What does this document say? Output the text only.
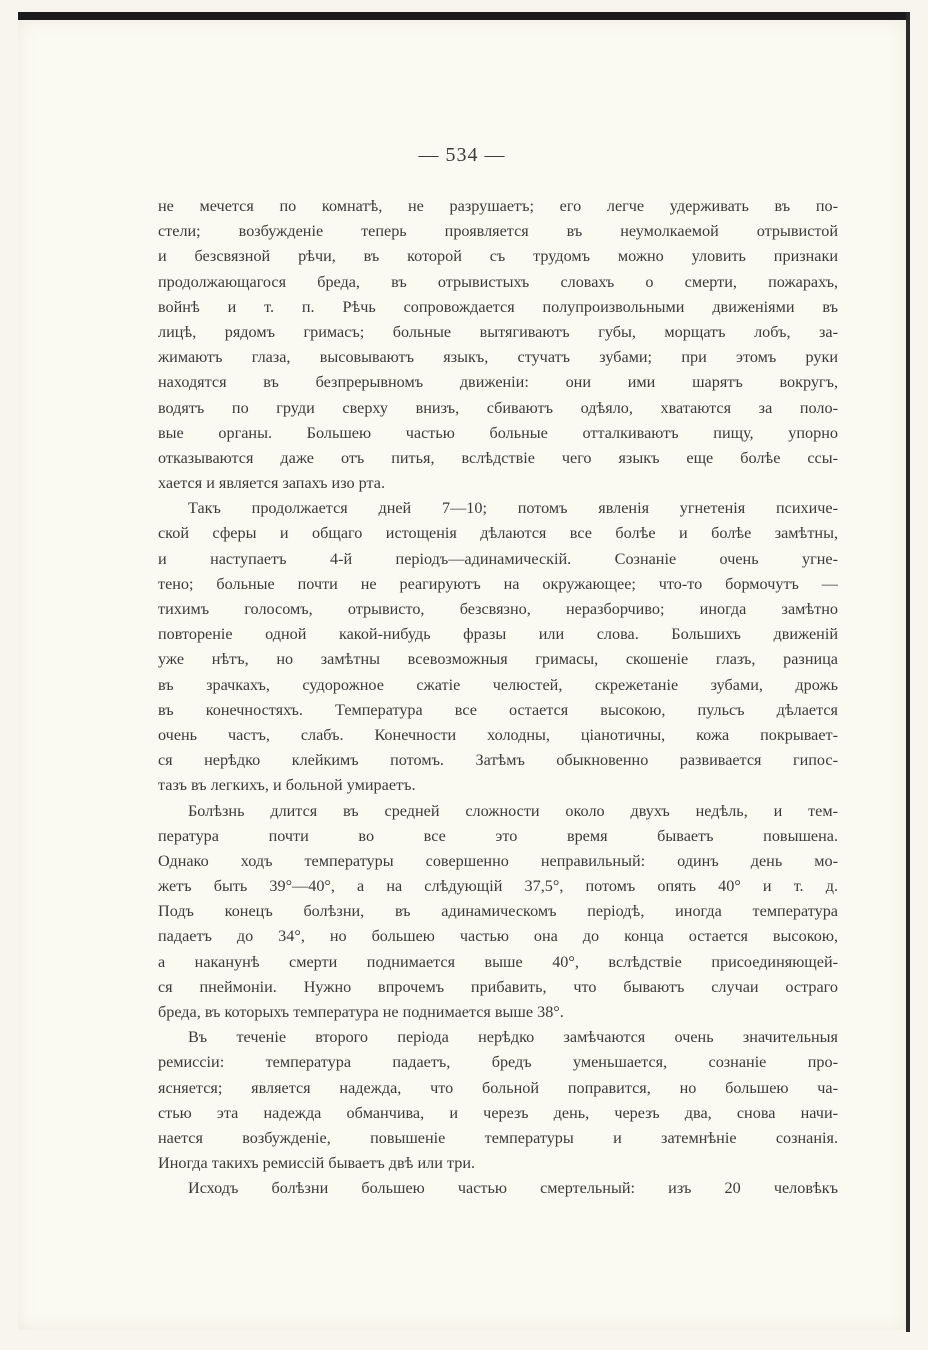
— 534 —
не мечется по комнатѣ, не разрушаетъ; его легче удерживать въ по-
стели; возбужденіе теперь проявляется въ неумолкаемой отрывистой
и безсвязной рѣчи, въ которой съ трудомъ можно уловить признаки
продолжающагося бреда, въ отрывистыхъ словахъ о смерти, пожарахъ,
войнѣ и т. п. Рѣчь сопровождается полупроизвольными движеніями въ
лицѣ, рядомъ гримасъ; больные вытягиваютъ губы, морщатъ лобъ, за-
жимаютъ глаза, высовываютъ языкъ, стучатъ зубами; при этомъ руки
находятся въ безпрерывномъ движеніи: они ими шарятъ вокругъ,
водятъ по груди сверху внизъ, сбиваютъ одѣяло, хватаются за поло-
вые органы. Большею частью больные отталкиваютъ пищу, упорно
отказываются даже отъ питья, вслѣдствіе чего языкъ еще болѣе ссы-
хается и является запахъ изо рта.
Такъ продолжается дней 7—10; потомъ явленія угнетенія психиче-
ской сферы и общаго истощенія дѣлаются все болѣе и болѣе замѣтны,
и наступаетъ 4-й періодъ—адинамическій. Сознаніе очень угне-
тено; больные почти не реагируютъ на окружающее; что-то бормочутъ —
тихимъ голосомъ, отрывисто, безсвязно, неразборчиво; иногда замѣтно
повтореніе одной какой-нибудь фразы или слова. Большихъ движеній
уже нѣтъ, но замѣтны всевозможныя гримасы, скошеніе глазъ, разница
въ зрачкахъ, судорожное сжатіе челюстей, скрежетаніе зубами, дрожь
въ конечностяхъ. Температура все остается высокою, пульсъ дѣлается
очень частъ, слабъ. Конечности холодны, ціанотичны, кожа покрывает-
ся нерѣдко клейкимъ потомъ. Затѣмъ обыкновенно развивается гипос-
тазъ въ легкихъ, и больной умираетъ.
Болѣзнь длится въ средней сложности около двухъ недѣль, и тем-
пература почти во все это время бываетъ повышена.
Однако ходъ температуры совершенно неправильный: одинъ день мо-
жетъ быть 39°—40°, а на слѣдующій 37,5°, потомъ опять 40° и т. д.
Подъ конецъ болѣзни, въ адинамическомъ періодѣ, иногда температура
падаетъ до 34°, но большею частью она до конца остается высокою,
а наканунѣ смерти поднимается выше 40°, вслѣдствіе присоединяющей-
ся пнеймоніи. Нужно впрочемъ прибавить, что бываютъ случаи остраго
бреда, въ которыхъ температура не поднимается выше 38°.
Въ теченіе второго періода нерѣдко замѣчаются очень значительныя
ремиссіи: температура падаетъ, бредъ уменьшается, сознаніе про-
ясняется; является надежда, что больной поправится, но большею ча-
стью эта надежда обманчива, и черезъ день, черезъ два, снова начи-
нается возбужденіе, повышеніе температуры и затемнѣніе сознанія.
Иногда такихъ ремиссій бываетъ двѣ или три.
Исходъ болѣзни большею частью смертельный: изъ 20 человѣкъ
